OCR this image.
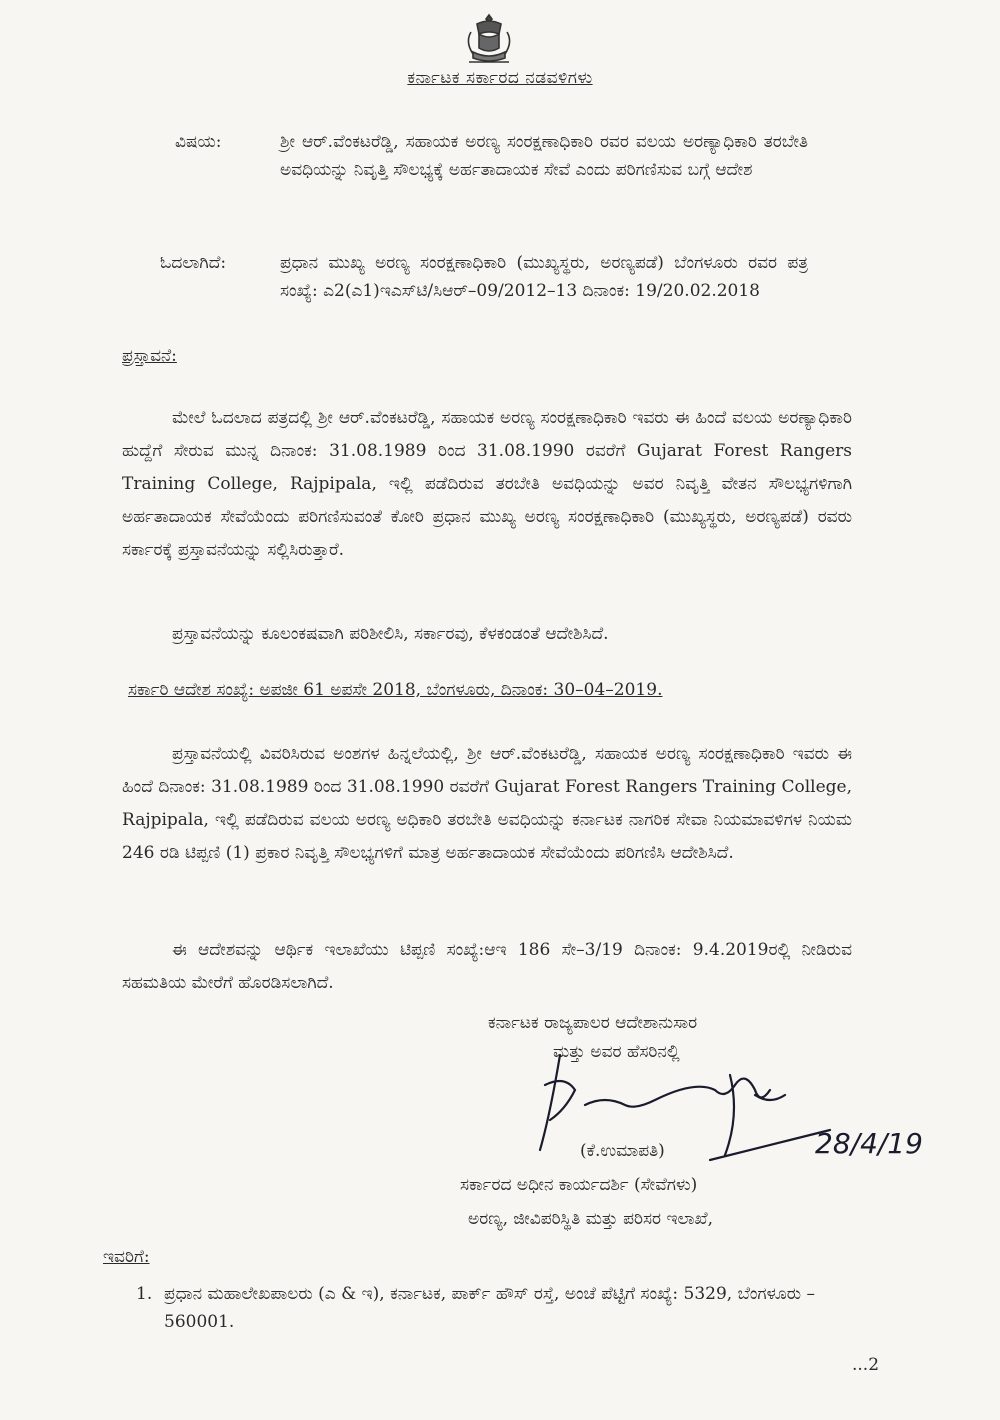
ಕರ್ನಾಟಕ ಸರ್ಕಾರದ ನಡವಳಿಗಳು
ವಿಷಯ:	ಶ್ರೀ ಆರ್.ವೆಂಕಟರೆಡ್ಡಿ, ಸಹಾಯಕ ಅರಣ್ಯ ಸಂರಕ್ಷಣಾಧಿಕಾರಿ ರವರ ವಲಯ ಅರಣ್ಯಾಧಿಕಾರಿ ತರಬೇತಿ ಅವಧಿಯನ್ನು ನಿವೃತ್ತಿ ಸೌಲಭ್ಯಕ್ಕೆ ಅರ್ಹತಾದಾಯಕ ಸೇವೆ ಎಂದು ಪರಿಗಣಿಸುವ ಬಗ್ಗೆ ಆದೇಶ
ಓದಲಾಗಿದೆ:	ಪ್ರಧಾನ ಮುಖ್ಯ ಅರಣ್ಯ ಸಂರಕ್ಷಣಾಧಿಕಾರಿ (ಮುಖ್ಯಸ್ಥರು, ಅರಣ್ಯಪಡೆ) ಬೆಂಗಳೂರು ರವರ ಪತ್ರ ಸಂಖ್ಯೆ: ಎ2(ಎ1)ಇಎಸ್‌ಟಿ/ಸಿಆರ್–09/2012–13 ದಿನಾಂಕ: 19/20.02.2018
ಪ್ರಸ್ತಾವನೆ:
ಮೇಲೆ ಓದಲಾದ ಪತ್ರದಲ್ಲಿ ಶ್ರೀ ಆರ್.ವೆಂಕಟರೆಡ್ಡಿ, ಸಹಾಯಕ ಅರಣ್ಯ ಸಂರಕ್ಷಣಾಧಿಕಾರಿ ಇವರು ಈ ಹಿಂದೆ ವಲಯ ಅರಣ್ಯಾಧಿಕಾರಿ ಹುದ್ದೆಗೆ ಸೇರುವ ಮುನ್ನ ದಿನಾಂಕ: 31.08.1989 ರಿಂದ 31.08.1990 ರವರೆಗೆ Gujarat Forest Rangers Training College, Rajpipala, ಇಲ್ಲಿ ಪಡೆದಿರುವ ತರಬೇತಿ ಅವಧಿಯನ್ನು ಅವರ ನಿವೃತ್ತಿ ವೇತನ ಸೌಲಭ್ಯಗಳಿಗಾಗಿ ಅರ್ಹತಾದಾಯಕ ಸೇವೆಯೆಂದು ಪರಿಗಣಿಸುವಂತೆ ಕೋರಿ ಪ್ರಧಾನ ಮುಖ್ಯ ಅರಣ್ಯ ಸಂರಕ್ಷಣಾಧಿಕಾರಿ (ಮುಖ್ಯಸ್ಥರು, ಅರಣ್ಯಪಡೆ) ರವರು ಸರ್ಕಾರಕ್ಕೆ ಪ್ರಸ್ತಾವನೆಯನ್ನು ಸಲ್ಲಿಸಿರುತ್ತಾರೆ.
ಪ್ರಸ್ತಾವನೆಯನ್ನು ಕೂಲಂಕಷವಾಗಿ ಪರಿಶೀಲಿಸಿ, ಸರ್ಕಾರವು, ಕೆಳಕಂಡಂತೆ ಆದೇಶಿಸಿದೆ.
ಸರ್ಕಾರಿ ಆದೇಶ ಸಂಖ್ಯೆ: ಅಪಜೀ 61 ಅಪಸೇ 2018, ಬೆಂಗಳೂರು, ದಿನಾಂಕ: 30–04–2019.
ಪ್ರಸ್ತಾವನೆಯಲ್ಲಿ ವಿವರಿಸಿರುವ ಅಂಶಗಳ ಹಿನ್ನಲೆಯಲ್ಲಿ, ಶ್ರೀ ಆರ್.ವೆಂಕಟರೆಡ್ಡಿ, ಸಹಾಯಕ ಅರಣ್ಯ ಸಂರಕ್ಷಣಾಧಿಕಾರಿ ಇವರು ಈ ಹಿಂದೆ ದಿನಾಂಕ: 31.08.1989 ರಿಂದ 31.08.1990 ರವರೆಗೆ Gujarat Forest Rangers Training College, Rajpipala, ಇಲ್ಲಿ ಪಡೆದಿರುವ ವಲಯ ಅರಣ್ಯ ಅಧಿಕಾರಿ ತರಬೇತಿ ಅವಧಿಯನ್ನು ಕರ್ನಾಟಕ ನಾಗರಿಕ ಸೇವಾ ನಿಯಮಾವಳಿಗಳ ನಿಯಮ 246 ರಡಿ ಟಿಪ್ಪಣಿ (1) ಪ್ರಕಾರ ನಿವೃತ್ತಿ ಸೌಲಭ್ಯಗಳಿಗೆ ಮಾತ್ರ ಅರ್ಹತಾದಾಯಕ ಸೇವೆಯೆಂದು ಪರಿಗಣಿಸಿ ಆದೇಶಿಸಿದೆ.
ಈ ಆದೇಶವನ್ನು ಆರ್ಥಿಕ ಇಲಾಖೆಯು ಟಿಪ್ಪಣಿ ಸಂಖ್ಯೆ:ಆಇ 186 ಸೇ–3/19 ದಿನಾಂಕ: 9.4.2019ರಲ್ಲಿ ನೀಡಿರುವ ಸಹಮತಿಯ ಮೇರೆಗೆ ಹೊರಡಿಸಲಾಗಿದೆ.
ಕರ್ನಾಟಕ ರಾಜ್ಯಪಾಲರ ಆದೇಶಾನುಸಾರ
ಮತ್ತು ಅವರ ಹೆಸರಿನಲ್ಲಿ
28/4/19
(ಕೆ.ಉಮಾಪತಿ)
ಸರ್ಕಾರದ ಅಧೀನ ಕಾರ್ಯದರ್ಶಿ (ಸೇವೆಗಳು)
ಅರಣ್ಯ, ಜೀವಿಪರಿಸ್ಥಿತಿ ಮತ್ತು ಪರಿಸರ ಇಲಾಖೆ,
ಇವರಿಗೆ:
1. ಪ್ರಧಾನ ಮಹಾಲೇಖಪಾಲರು (ಎ & ಇ), ಕರ್ನಾಟಕ, ಪಾರ್ಕ್ ಹೌಸ್ ರಸ್ತೆ, ಅಂಚೆ ಪೆಟ್ಟಿಗೆ ಸಂಖ್ಯೆ: 5329, ಬೆಂಗಳೂರು – 560001.
...2
